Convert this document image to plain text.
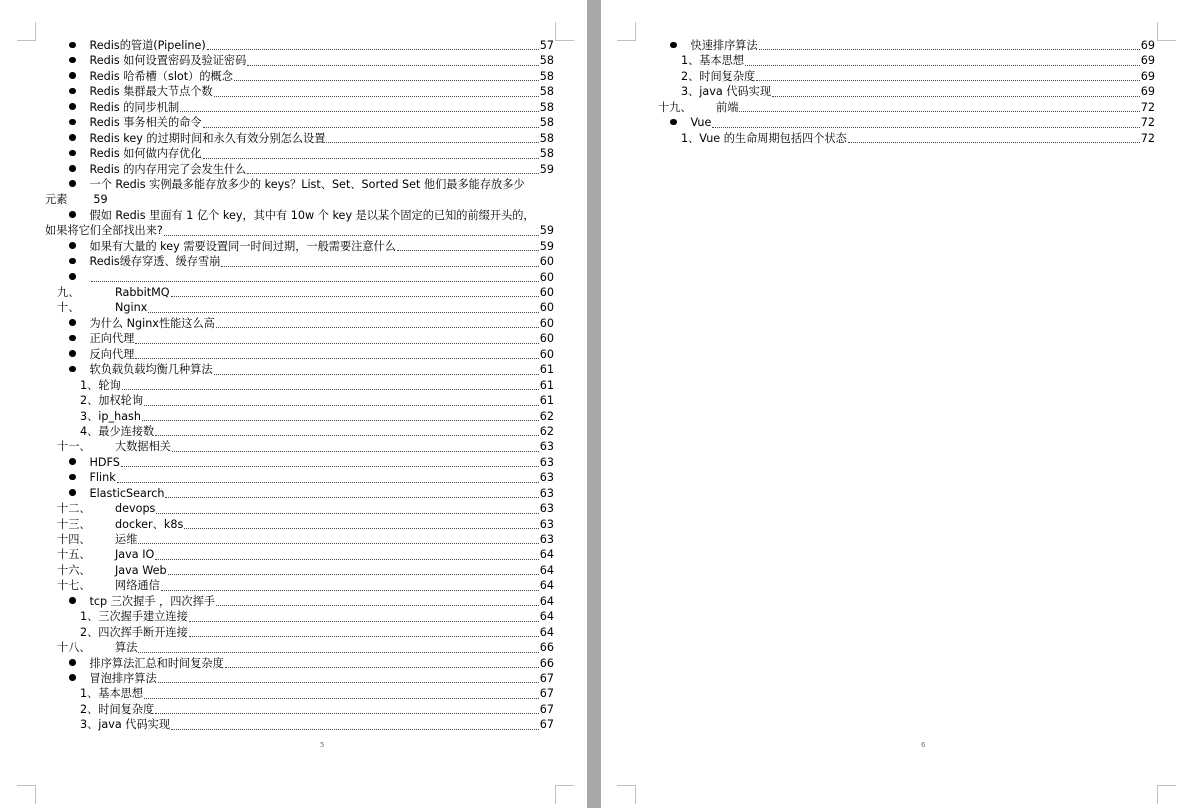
Redis的管道(Pipeline)	57
Redis 如何设置密码及验证密码	58
Redis 哈希槽（slot）的概念	58
Redis 集群最大节点个数	58
Redis 的同步机制	58
Redis 事务相关的命令	58
Redis key 的过期时间和永久有效分别怎么设置	58
Redis 如何做内存优化	58
Redis 的内存用完了会发生什么	59
一个 Redis 实例最多能存放多少的 keys？List、Set、Sorted Set 他们最多能存放多少
元素 59
假如 Redis 里面有 1 亿个 key，其中有 10w 个 key 是以某个固定的已知的前缀开头的，
如果将它们全部找出来?	59
如果有大量的 key 需要设置同一时间过期，一般需要注意什么	59
Redis缓存穿透、缓存雪崩	60
60
九、	RabbitMQ	60
十、	Nginx	60
为什么 Nginx性能这么高	60
正向代理	60
反向代理	60
软负载负载均衡几种算法	61
1、轮询	61
2、加权轮询	61
3、ip_hash	62
4、最少连接数	62
十一、	大数据相关	63
HDFS	63
Flink	63
ElasticSearch	63
十二、	devops	63
十三、	docker、k8s	63
十四、	运维	63
十五、	Java IO	64
十六、	Java Web	64
十七、	网络通信	64
tcp 三次握手 ，四次挥手	64
1、三次握手建立连接	64
2、四次挥手断开连接	64
十八、	算法	66
排序算法汇总和时间复杂度	66
冒泡排序算法	67
1、基本思想	67
2、时间复杂度	67
3、java 代码实现	67
5
快速排序算法	69
1、基本思想	69
2、时间复杂度	69
3、java 代码实现	69
十九、	前端	72
Vue	72
1、Vue 的生命周期包括四个状态	72
6
